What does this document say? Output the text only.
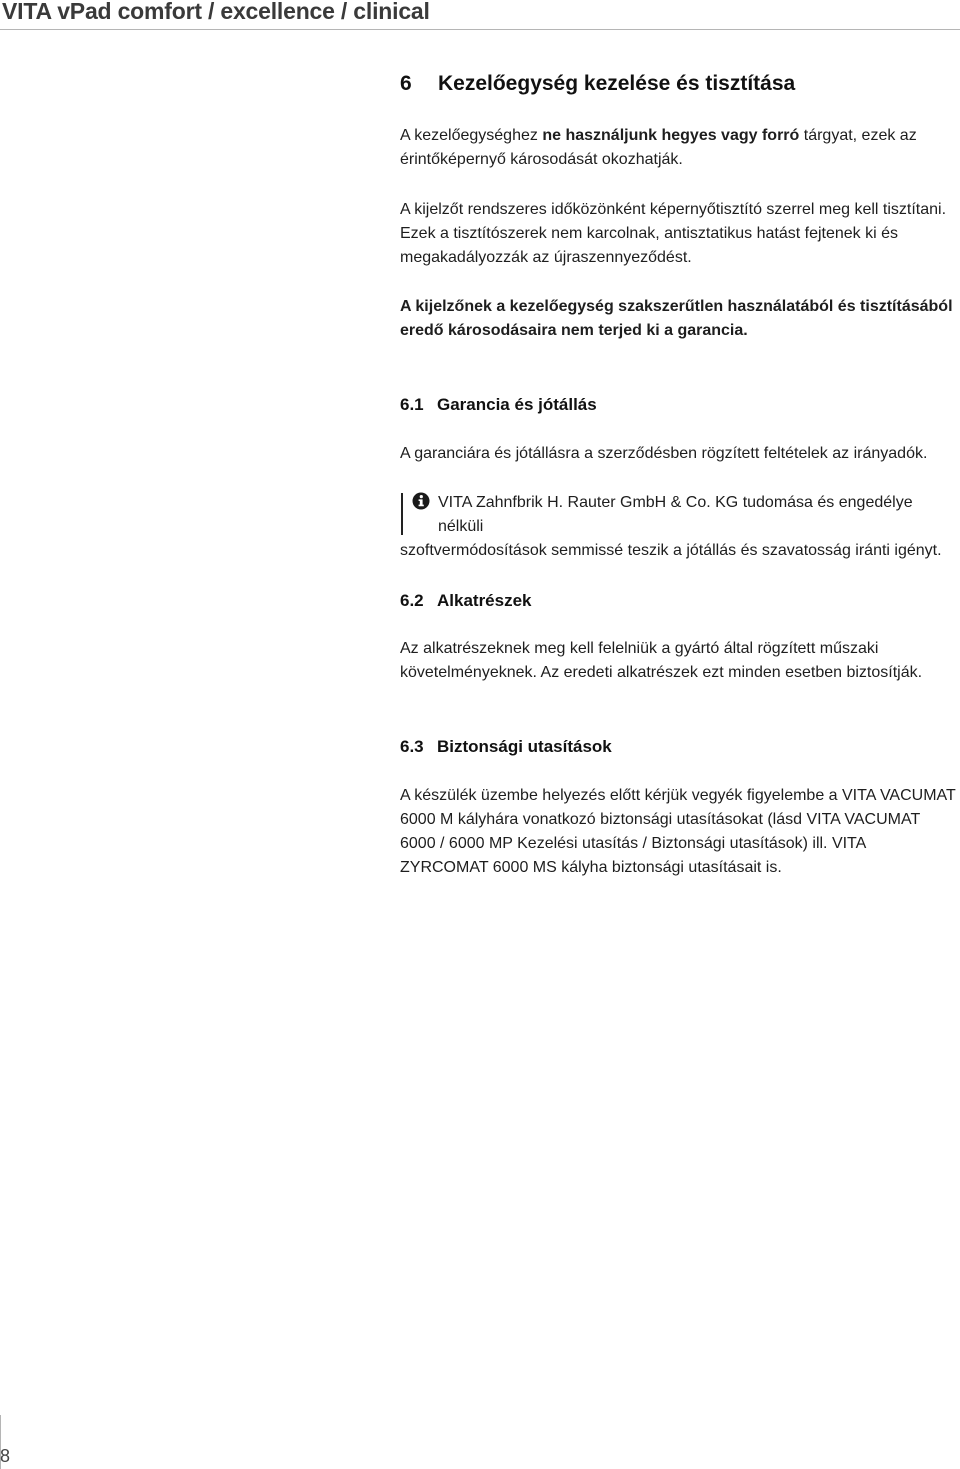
VITA vPad comfort / excellence / clinical
6 Kezelőegység kezelése és tisztítása

A kezelőegységhez ne használjunk hegyes vagy forró tárgyat, ezek az érintőképernyő károsodását okozhatják.

A kijelzőt rendszeres időközönként képernyőtisztító szerrel meg kell tisztítani. Ezek a tisztítószerek nem karcolnak, antisztatikus hatást fejtenek ki és megakadályozzák az újraszennyeződést.

A kijelzőnek a kezelőegység szakszerűtlen használatából és tisztításából eredő károsodásaira nem terjed ki a garancia.

6.1 Garancia és jótállás

A garanciára és jótállásra a szerződésben rögzített feltételek az irányadók.

VITA Zahnfbrik H. Rauter GmbH & Co. KG tudomása és engedélye nélküli
szoftvermódosítások semmissé teszik a jótállás és szavatosság iránti igényt.
6.2 Alkatrészek

Az alkatrészeknek meg kell felelniük a gyártó által rögzített műszaki követelményeknek. Az eredeti alkatrészek ezt minden esetben biztosítják.

6.3 Biztonsági utasítások

A készülék üzembe helyezés előtt kérjük vegyék figyelembe a VITA VACUMAT 6000 M kályhára vonatkozó biztonsági utasításokat (lásd VITA VACUMAT 6000 / 6000 MP Kezelési utasítás / Biztonsági utasítások) ill. VITA ZYRCOMAT 6000 MS kályha biztonsági utasításait is.

8
